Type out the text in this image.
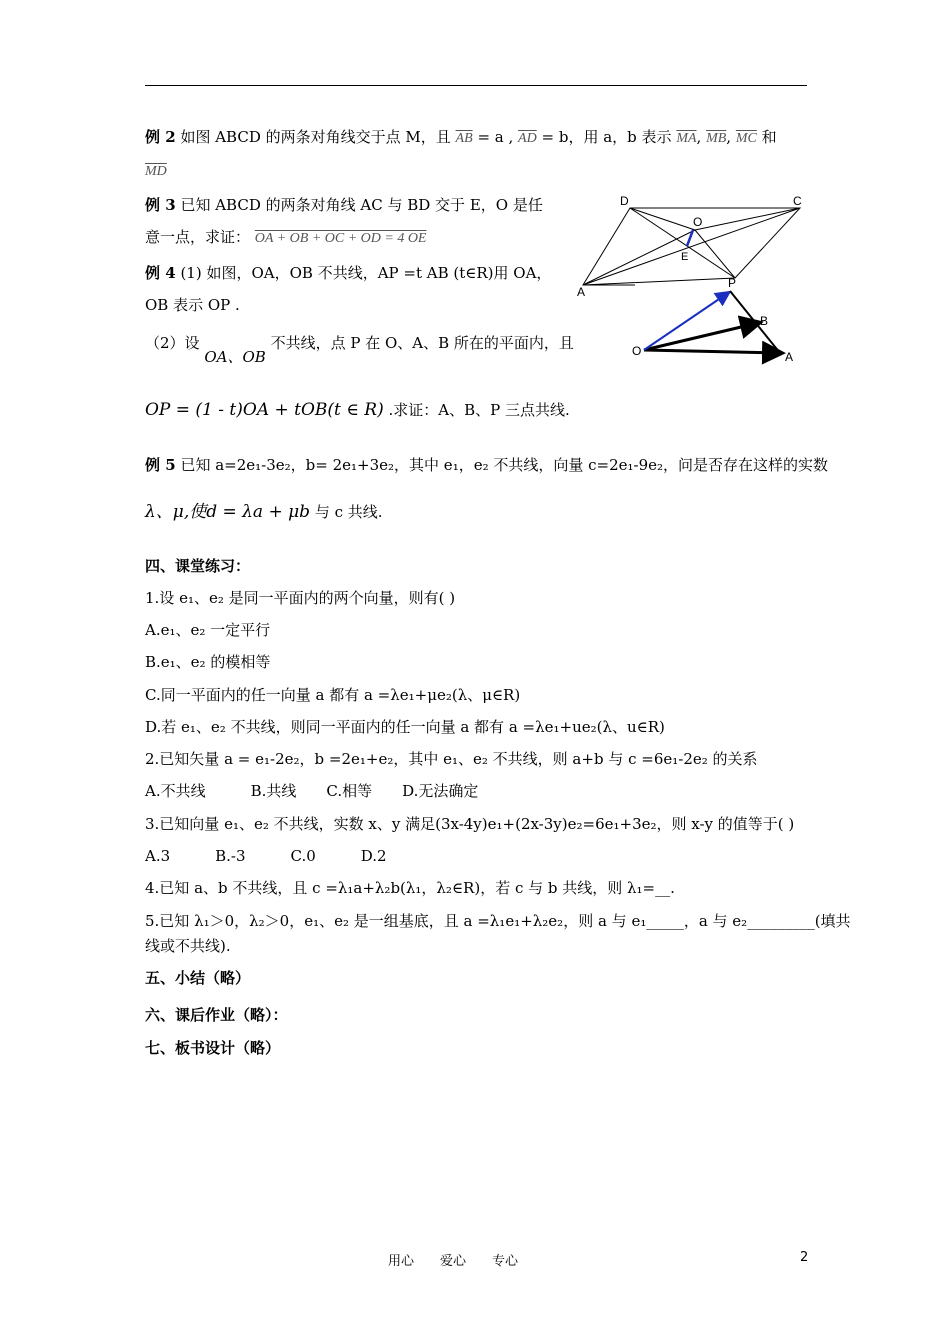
例 2 如图 ABCD 的两条对角线交于点 M，且 $\overline{AB} = a$ , $\overline{AD} = b$，用 a，b 表示 $\overline{MA}$, $\overline{MB}$, $\overline{MC}$ 和
$\overline{MD}$
例 3 已知 ABCD 的两条对角线 AC 与 BD 交于 E，O 是任
意一点，求证： OA + OB + OC + OD = 4 OE
例 4 (1) 如图，OA，OB 不共线，AP =t AB (t∈R)用 OA，
OB 表示 OP .
（2）设 OA、OB 不共线，点 P 在 O、A、B 所在的平面内，且
OP = (1 - t)OA + tOB(t ∈ R) .求证：A、B、P 三点共线.
例 5 已知 a=2e₁-3e₂，b= 2e₁+3e₂，其中 e₁，e₂ 不共线，向量 c=2e₁-9e₂，问是否存在这样的实数
λ、μ,使d = λa + μb 与 c 共线.
四、课堂练习：
1.设 e₁、e₂ 是同一平面内的两个向量，则有( )
A.e₁、e₂ 一定平行
B.e₁、e₂ 的模相等
C.同一平面内的任一向量 a 都有 a =λe₁+μe₂(λ、μ∈R)
D.若 e₁、e₂ 不共线，则同一平面内的任一向量 a 都有 a =λe₁+ue₂(λ、u∈R)
2.已知矢量 a = e₁-2e₂，b =2e₁+e₂，其中 e₁、e₂ 不共线，则 a+b 与 c =6e₁-2e₂ 的关系
A.不共线　　　B.共线　　C.相等　　D.无法确定
3.已知向量 e₁、e₂ 不共线，实数 x、y 满足(3x-4y)e₁+(2x-3y)e₂=6e₁+3e₂，则 x-y 的值等于( )
A.3　　　B.-3　　　C.0　　　D.2
4.已知 a、b 不共线，且 c =λ₁a+λ₂b(λ₁，λ₂∈R)，若 c 与 b 共线，则 λ₁=__.
5.已知 λ₁＞0，λ₂＞0，e₁、e₂ 是一组基底，且 a =λ₁e₁+λ₂e₂，则 a 与 e₁_____，a 与 e₂_________(填共
线或不共线).
五、小结（略）
六、课后作业（略）：
七、板书设计（略）
D	C
O
E
A
P
B
O	A
用心　　爱心　　专心	2
